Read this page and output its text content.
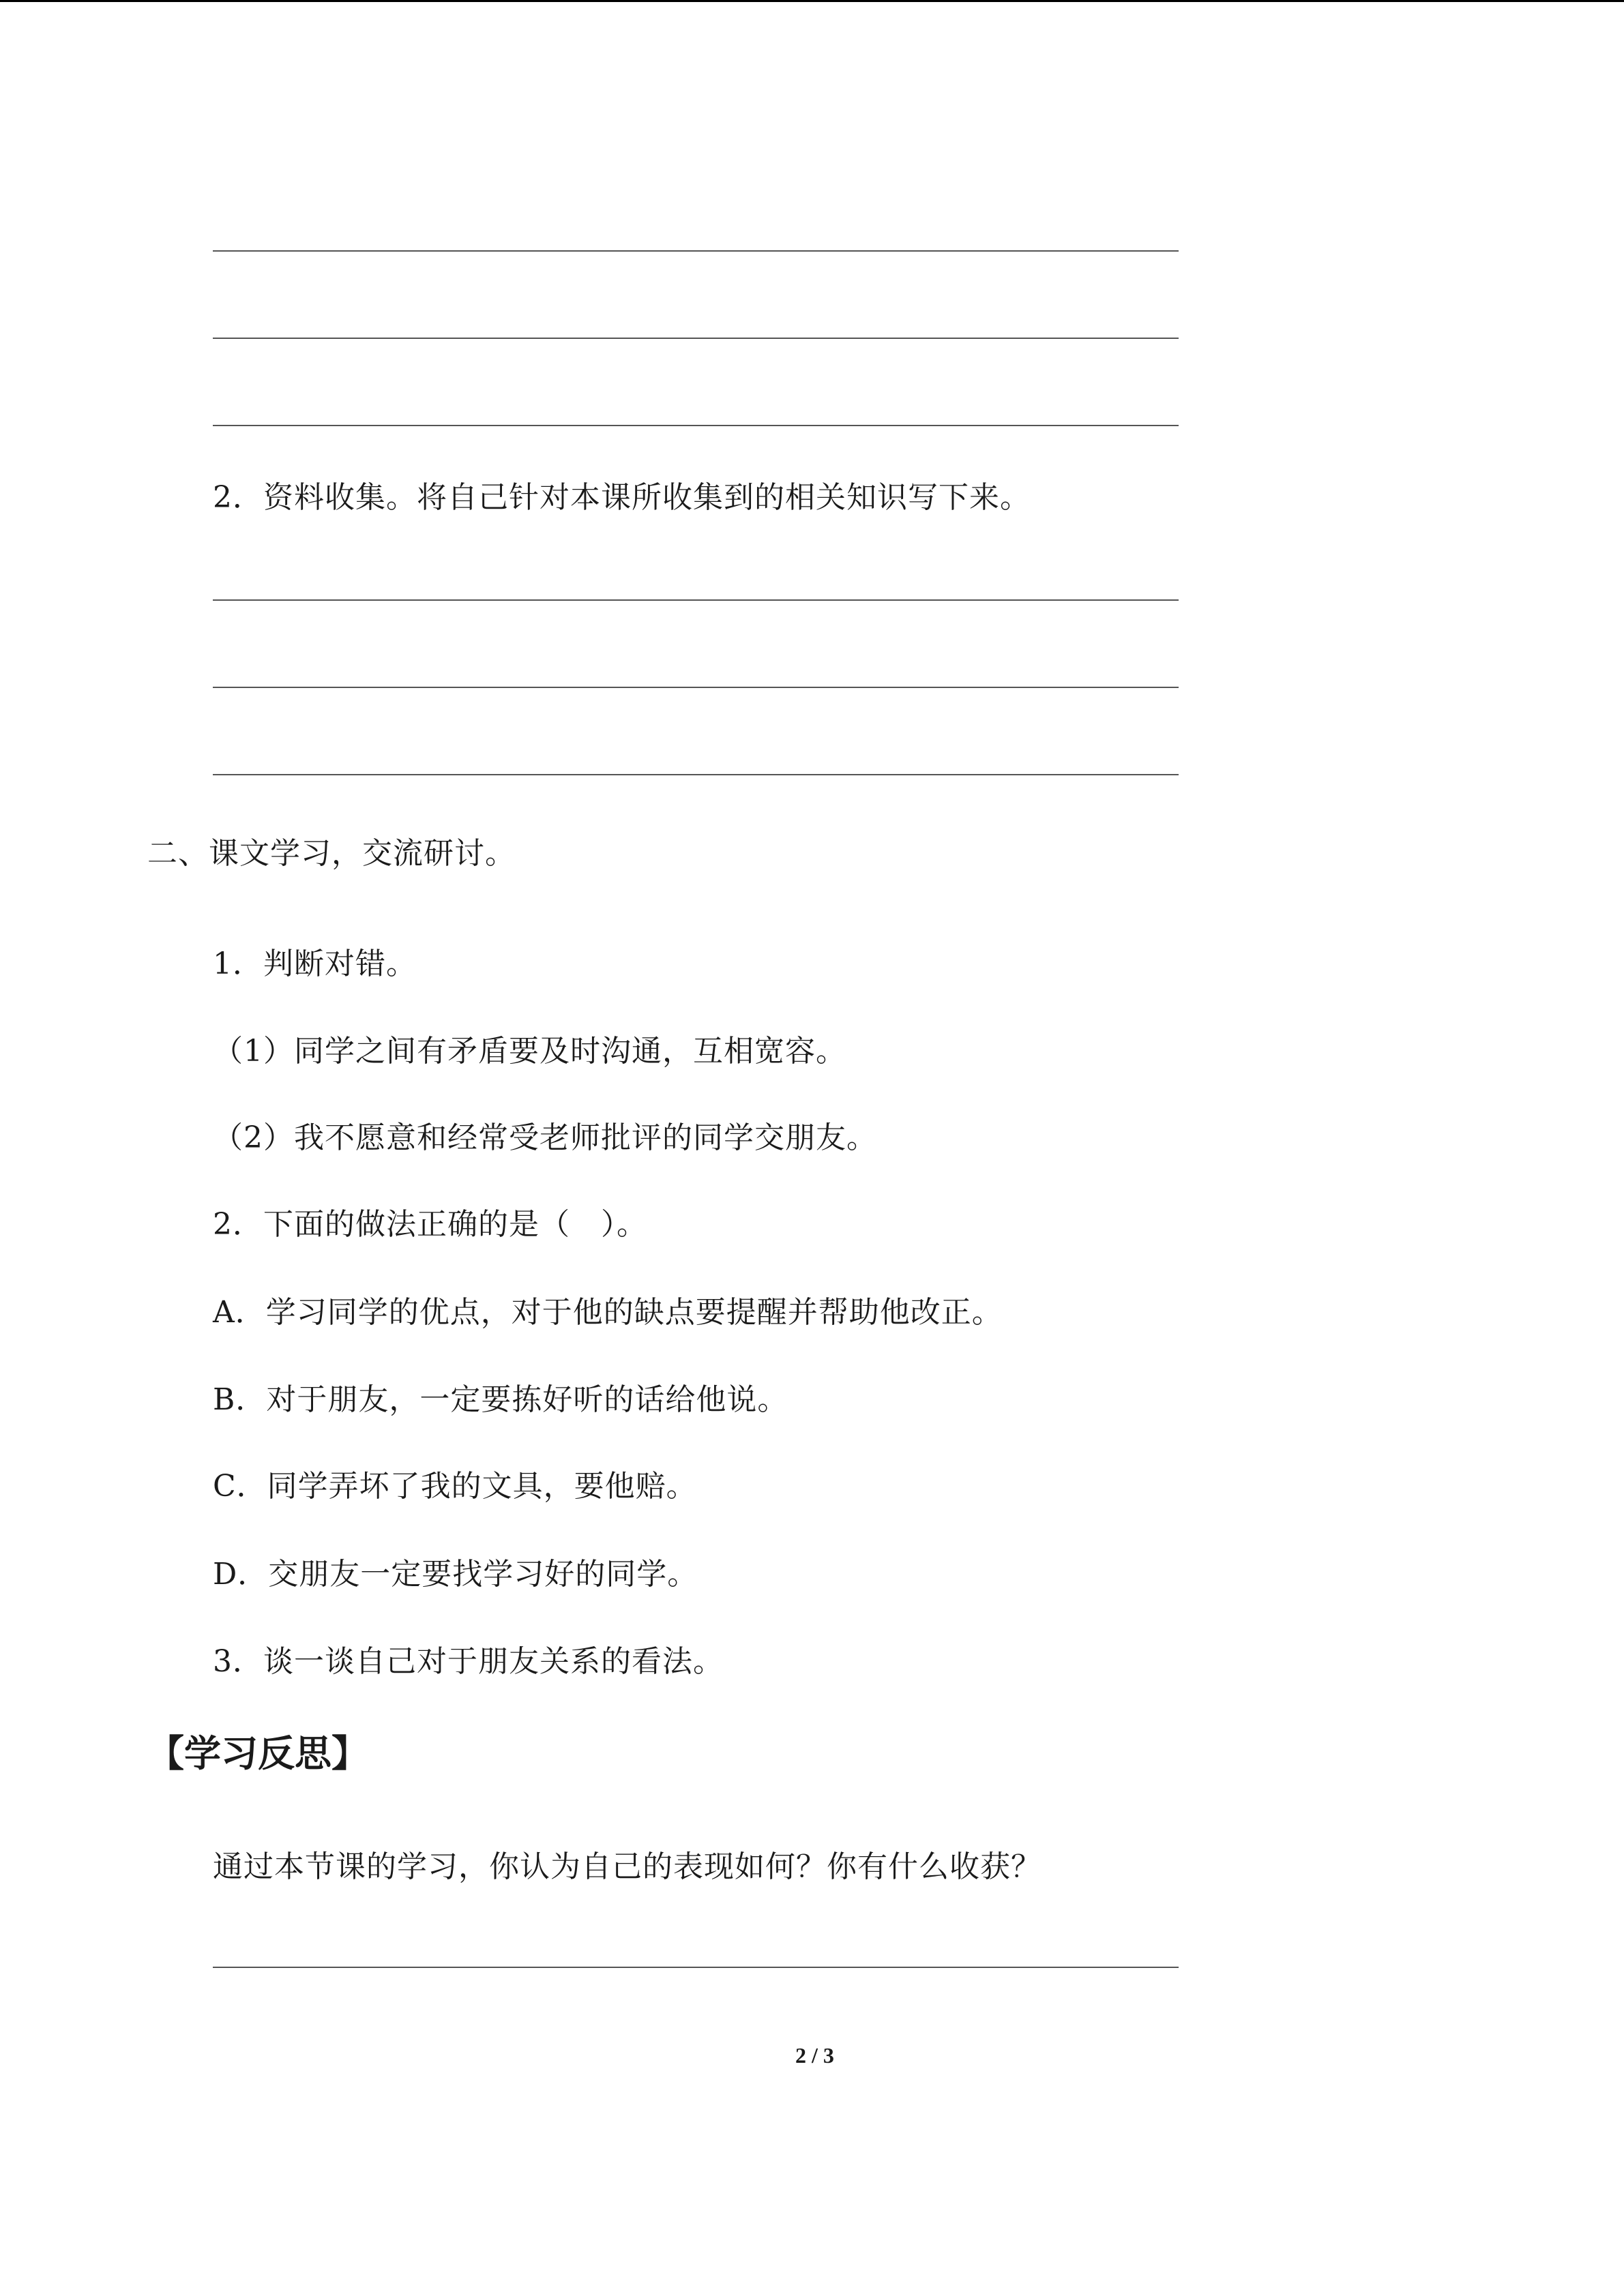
2．资料收集。将自己针对本课所收集到的相关知识写下来。
二、课文学习，交流研讨。
1．判断对错。
（1）同学之间有矛盾要及时沟通，互相宽容。
（2）我不愿意和经常受老师批评的同学交朋友。
2．下面的做法正确的是（　）。
A．学习同学的优点，对于他的缺点要提醒并帮助他改正。
B．对于朋友，一定要拣好听的话给他说。
C．同学弄坏了我的文具，要他赔。
D．交朋友一定要找学习好的同学。
3．谈一谈自己对于朋友关系的看法。
【学习反思】
通过本节课的学习，你认为自己的表现如何？你有什么收获？
2 / 3
